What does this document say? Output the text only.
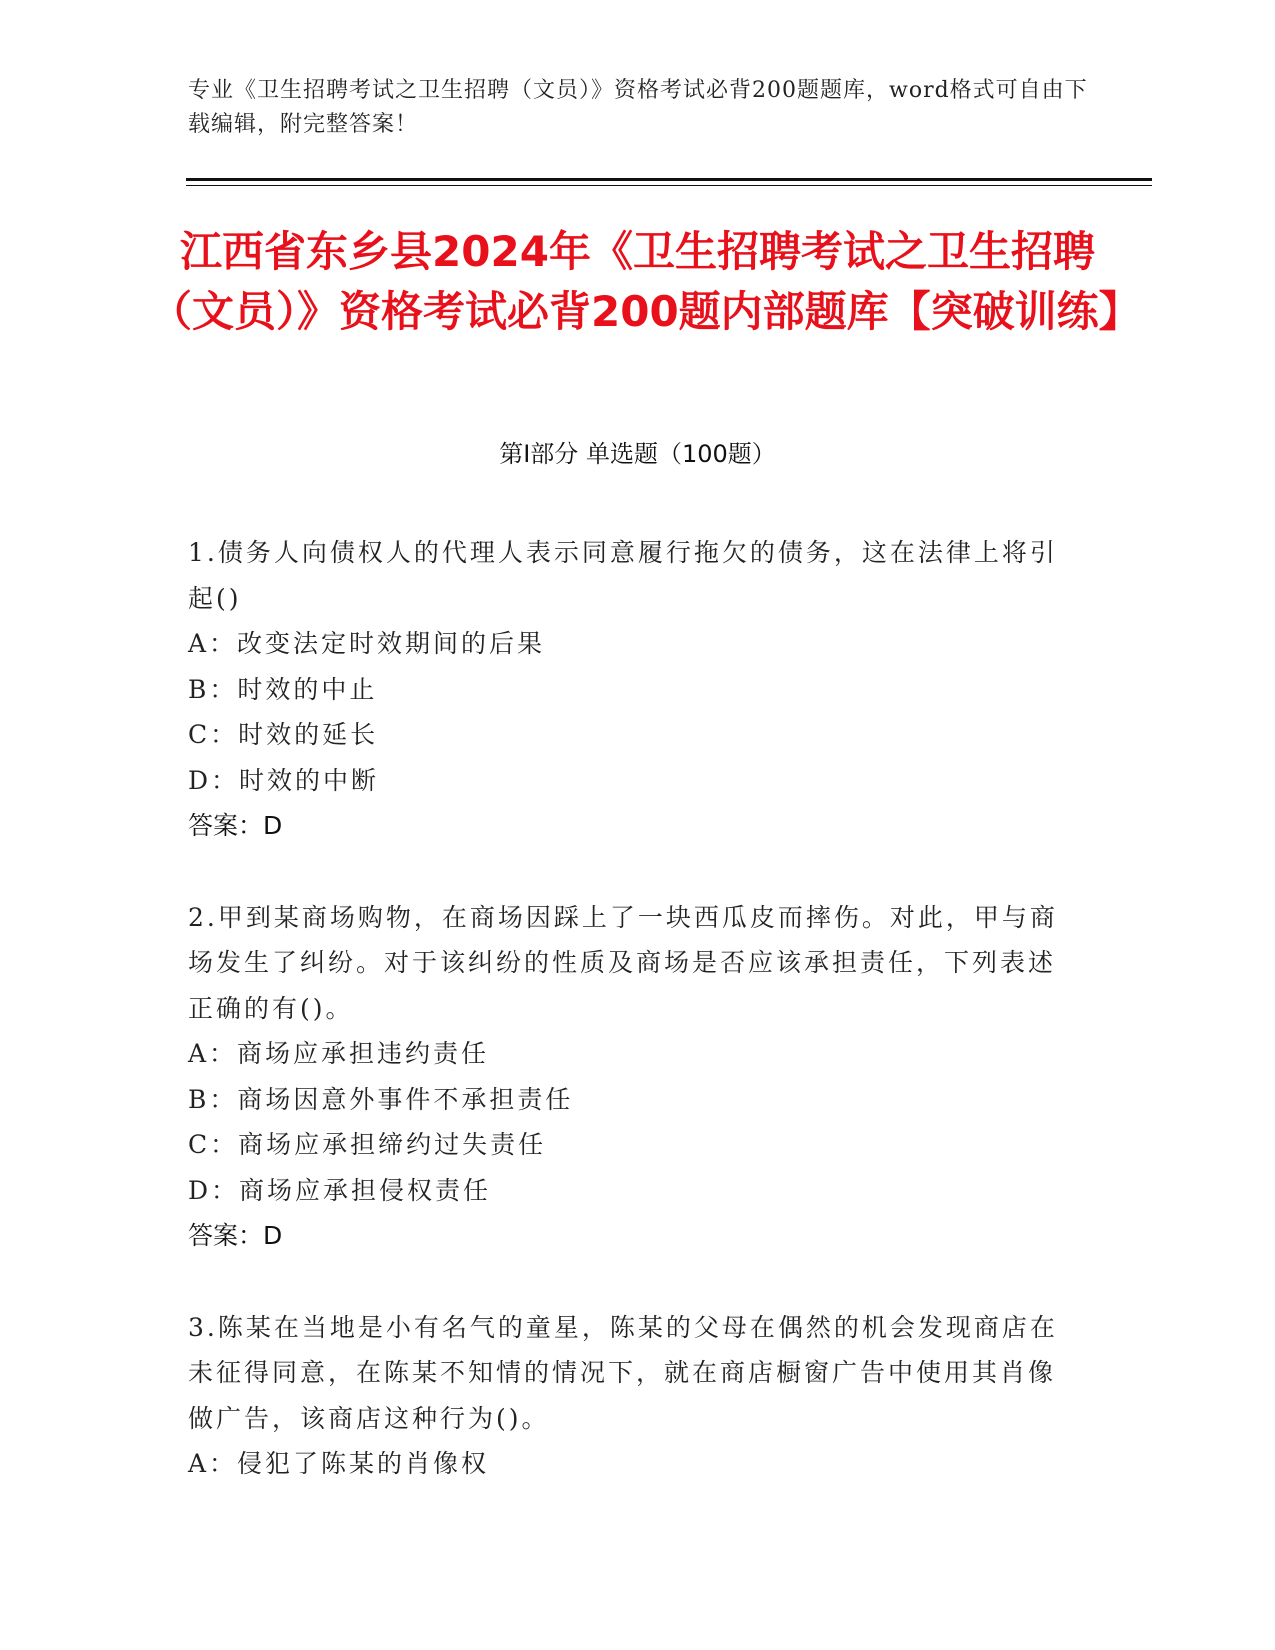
专业《卫生招聘考试之卫生招聘（文员）》资格考试必背200题题库，word格式可自由下载编辑，附完整答案！
江西省东乡县2024年《卫生招聘考试之卫生招聘（文员）》资格考试必背200题内部题库【突破训练】
第I部分 单选题（100题）
1.债务人向债权人的代理人表示同意履行拖欠的债务，这在法律上将引起()
A：改变法定时效期间的后果
B：时效的中止
C：时效的延长
D：时效的中断
答案：D
2.甲到某商场购物，在商场因踩上了一块西瓜皮而摔伤。对此，甲与商场发生了纠纷。对于该纠纷的性质及商场是否应该承担责任，下列表述正确的有()。
A：商场应承担违约责任
B：商场因意外事件不承担责任
C：商场应承担缔约过失责任
D：商场应承担侵权责任
答案：D
3.陈某在当地是小有名气的童星，陈某的父母在偶然的机会发现商店在未征得同意，在陈某不知情的情况下，就在商店橱窗广告中使用其肖像做广告，该商店这种行为()。
A：侵犯了陈某的肖像权
